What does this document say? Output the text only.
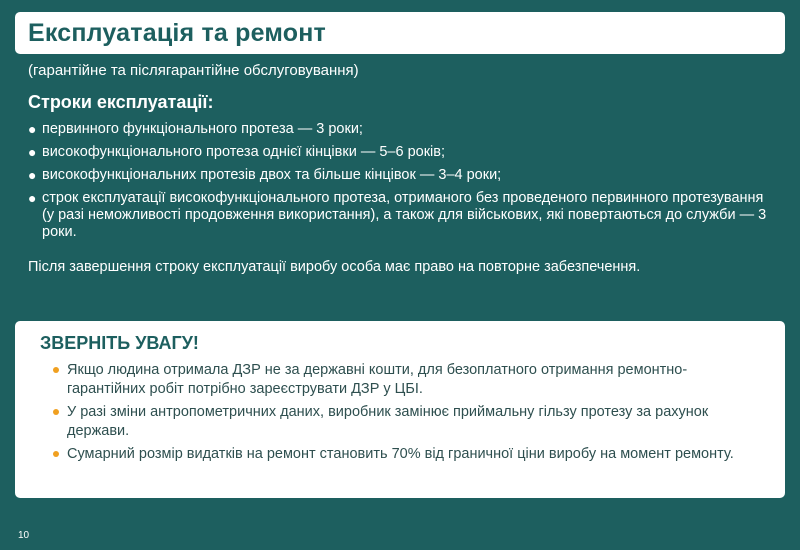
Експлуатація та ремонт
(гарантійне та післягарантійне обслуговування)
Строки експлуатації:
● первинного функціонального протеза — 3 роки;
● високофункціонального протеза однієї кінцівки — 5–6 років;
● високофункціональних протезів двох та більше кінцівок — 3–4 роки;
● строк експлуатації високофункціонального протеза, отриманого без проведеного первинного протезування (у разі неможливості продовження використання), а також для військових, які повертаються до служби — 3 роки.
Після завершення строку експлуатації виробу особа має право на повторне забезпечення.
ЗВЕРНІТЬ УВАГУ!
Якщо людина отримала ДЗР не за державні кошти, для безоплатного отримання ремонтно-гарантійних робіт потрібно зареєструвати ДЗР у ЦБІ.
У разі зміни антропометричних даних, виробник замінює приймальну гільзу протезу за рахунок держави.
Сумарний розмір видатків на ремонт становить 70% від граничної ціни виробу на момент ремонту.
10
